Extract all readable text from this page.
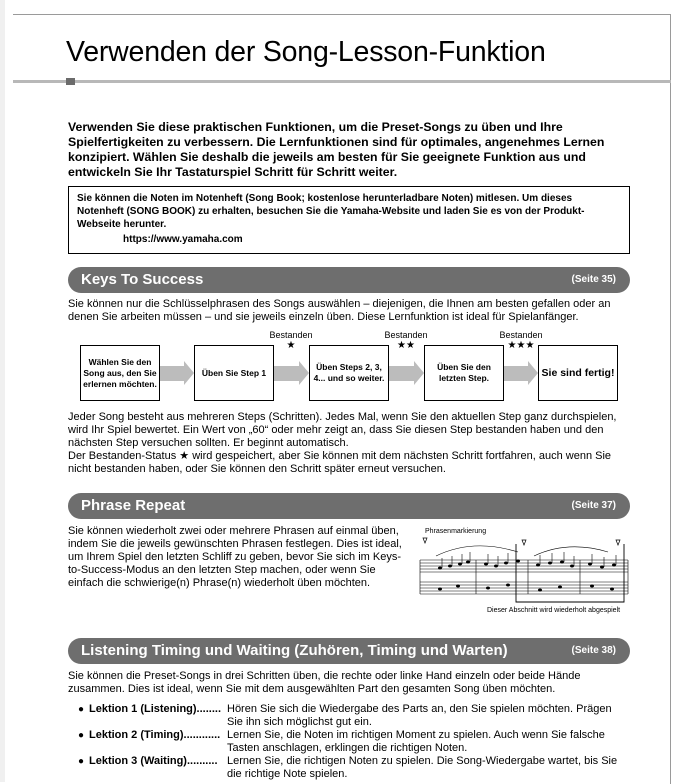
Verwenden der Song-Lesson-Funktion
Verwenden Sie diese praktischen Funktionen, um die Preset-Songs zu üben und Ihre Spielfertigkeiten zu verbessern. Die Lernfunktionen sind für optimales, angenehmes Lernen konzipiert. Wählen Sie deshalb die jeweils am besten für Sie geeignete Funktion aus und entwickeln Sie Ihr Tastaturspiel Schritt für Schritt weiter.
Sie können die Noten im Notenheft (Song Book; kostenlose herunterladbare Noten) mitlesen. Um dieses Notenheft (SONG BOOK) zu erhalten, besuchen Sie die Yamaha-Website und laden Sie es von der Produkt-Webseite herunter.
https://www.yamaha.com
Keys To Success	(Seite 35)
Sie können nur die Schlüsselphrasen des Songs auswählen – diejenigen, die Ihnen am besten gefallen oder an denen Sie arbeiten müssen – und sie jeweils einzeln üben. Diese Lernfunktion ist ideal für Spielanfänger.
Wählen Sie den Song aus, den Sie erlernen möchten.
Üben Sie Step 1
Üben Steps 2, 3, 4... und so weiter.
Üben Sie den letzten Step.	Sie sind fertig!
Bestanden
★
Bestanden
★★
Bestanden
★★★
Jeder Song besteht aus mehreren Steps (Schritten). Jedes Mal, wenn Sie den aktuellen Step ganz durchspielen, wird Ihr Spiel bewertet. Ein Wert von „60“ oder mehr zeigt an, dass Sie diesen Step bestanden haben und den nächsten Step versuchen sollten. Er beginnt automatisch.
Der Bestanden-Status ★ wird gespeichert, aber Sie können mit dem nächsten Schritt fortfahren, auch wenn Sie nicht bestanden haben, oder Sie können den Schritt später erneut versuchen.
Phrase Repeat	(Seite 37)
Sie können wiederholt zwei oder mehrere Phrasen auf einmal üben, indem Sie die jeweils gewünschten Phrasen festlegen. Dies ist ideal, um Ihrem Spiel den letzten Schliff zu geben, bevor Sie sich im Keys-to-Success-Modus an den letzten Step machen, oder wenn Sie einfach die schwierige(n) Phrase(n) wiederholt üben möchten.
Phrasenmarkierung
Dieser Abschnitt wird wiederholt abgespielt
Listening Timing und Waiting (Zuhören, Timing und Warten)	(Seite 38)
Sie können die Preset-Songs in drei Schritten üben, die rechte oder linke Hand einzeln oder beide Hände zusammen. Dies ist ideal, wenn Sie mit dem ausgewählten Part den gesamten Song üben möchten.
● Lektion 1 (Listening)........ Hören Sie sich die Wiedergabe des Parts an, den Sie spielen möchten. Prägen Sie ihn sich möglichst gut ein.
● Lektion 2 (Timing)............ Lernen Sie, die Noten im richtigen Moment zu spielen. Auch wenn Sie falsche Tasten anschlagen, erklingen die richtigen Noten.
● Lektion 3 (Waiting).......... Lernen Sie, die richtigen Noten zu spielen. Die Song-Wiedergabe wartet, bis Sie die richtige Note spielen.
